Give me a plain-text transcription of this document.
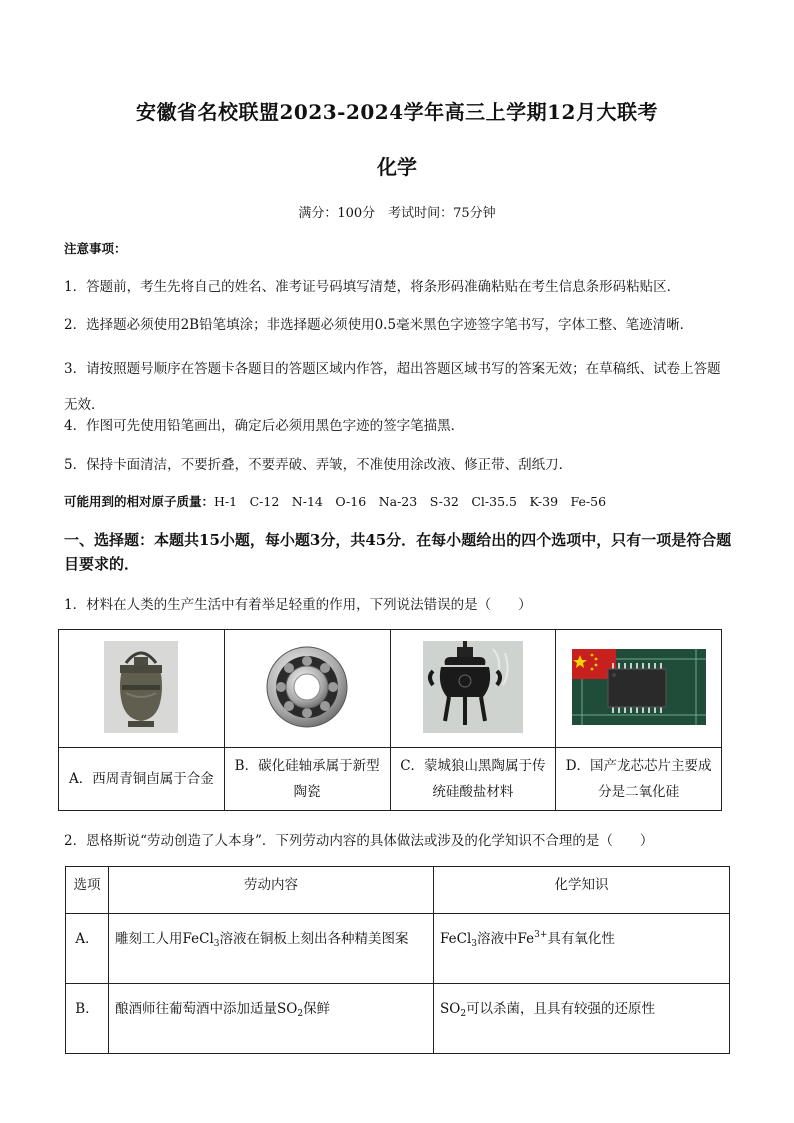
安徽省名校联盟2023-2024学年高三上学期12月大联考
化学
满分：100分　考试时间：75分钟
注意事项：
1．答题前，考生先将自己的姓名、准考证号码填写清楚，将条形码准确粘贴在考生信息条形码粘贴区．
2．选择题必须使用2B铅笔填涂；非选择题必须使用0.5毫米黑色字迹签字笔书写，字体工整、笔迹清晰．
3．请按照题号顺序在答题卡各题目的答题区域内作答，超出答题区域书写的答案无效；在草稿纸、试卷上答题无效．
4．作图可先使用铅笔画出，确定后必须用黑色字迹的签字笔描黑．
5．保持卡面清洁，不要折叠，不要弄破、弄皱，不准使用涂改液、修正带、刮纸刀．
可能用到的相对原子质量：H-1　C-12　N-14　O-16　Na-23　S-32　Cl-35.5　K-39　Fe-56
一、选择题：本题共15小题，每小题3分，共45分．在每小题给出的四个选项中，只有一项是符合题目要求的．
1．材料在人类的生产生活中有着举足轻重的作用，下列说法错误的是（　　）

A．西周青铜卣属于合金	B．碳化硅轴承属于新型陶瓷	C．蒙城狼山黑陶属于传统硅酸盐材料	D．国产龙芯芯片主要成分是二氧化硅
2．恩格斯说“劳动创造了人本身”．下列劳动内容的具体做法或涉及的化学知识不合理的是（　　）
选项	劳动内容	化学知识
A．	雕刻工人用FeCl$_3$溶液在铜板上刻出各种精美图案	FeCl$_3$溶液中$Fe^{3+}$具有氧化性
B．	酿酒师往葡萄酒中添加适量$SO_2$保鲜	$SO_2$可以杀菌，且具有较强的还原性
